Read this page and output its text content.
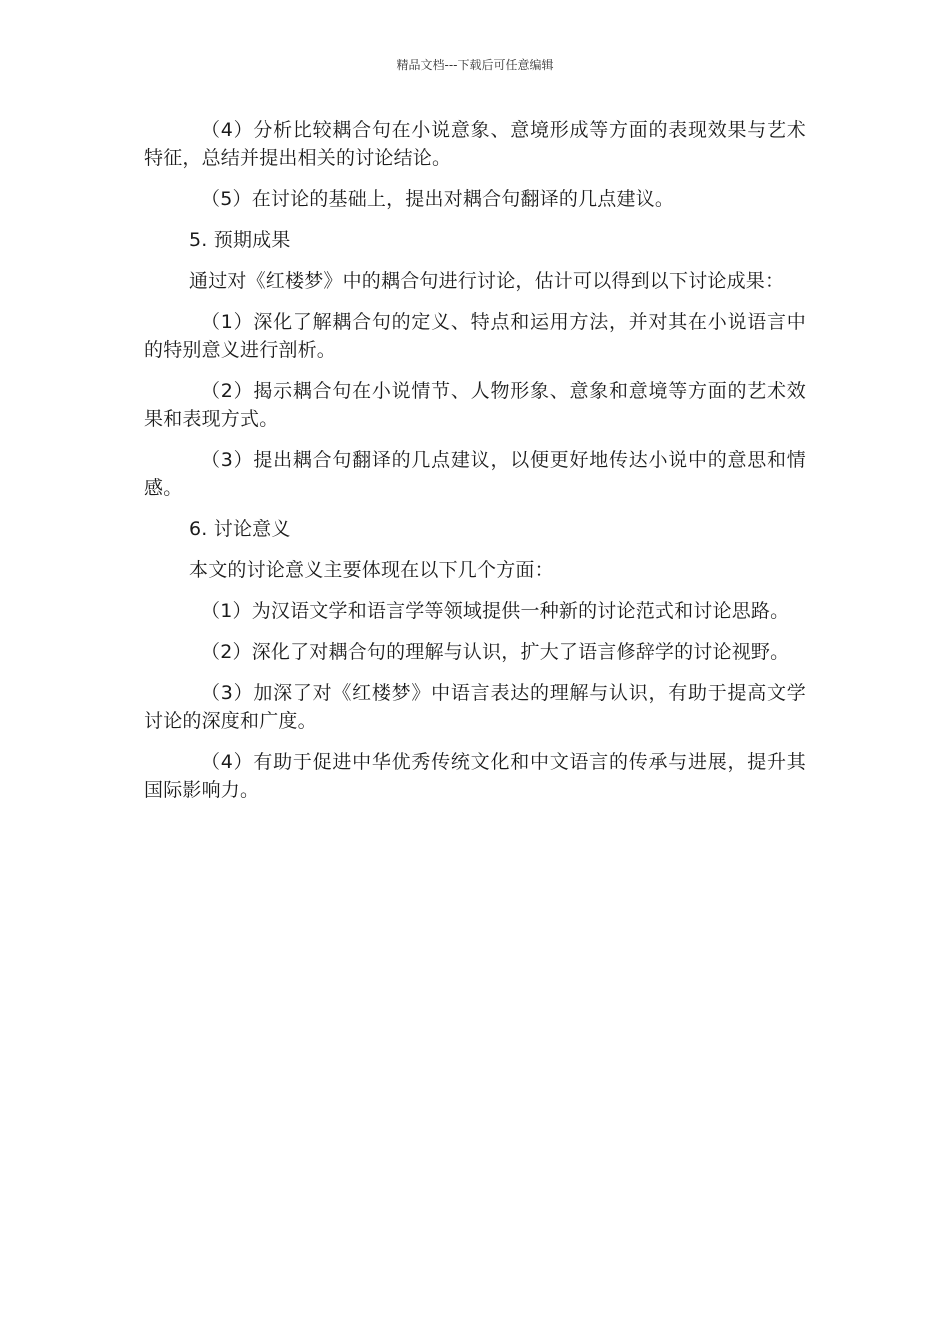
精品文档---下载后可任意编辑

（4）分析比较耦合句在小说意象、意境形成等方面的表现效果与艺术特征，总结并提出相关的讨论结论。

（5）在讨论的基础上，提出对耦合句翻译的几点建议。

5. 预期成果

通过对《红楼梦》中的耦合句进行讨论，估计可以得到以下讨论成果：

（1）深化了解耦合句的定义、特点和运用方法，并对其在小说语言中的特别意义进行剖析。

（2）揭示耦合句在小说情节、人物形象、意象和意境等方面的艺术效果和表现方式。

（3）提出耦合句翻译的几点建议，以便更好地传达小说中的意思和情感。

6. 讨论意义

本文的讨论意义主要体现在以下几个方面：

（1）为汉语文学和语言学等领域提供一种新的讨论范式和讨论思路。

（2）深化了对耦合句的理解与认识，扩大了语言修辞学的讨论视野。

（3）加深了对《红楼梦》中语言表达的理解与认识，有助于提高文学讨论的深度和广度。

（4）有助于促进中华优秀传统文化和中文语言的传承与进展，提升其国际影响力。
